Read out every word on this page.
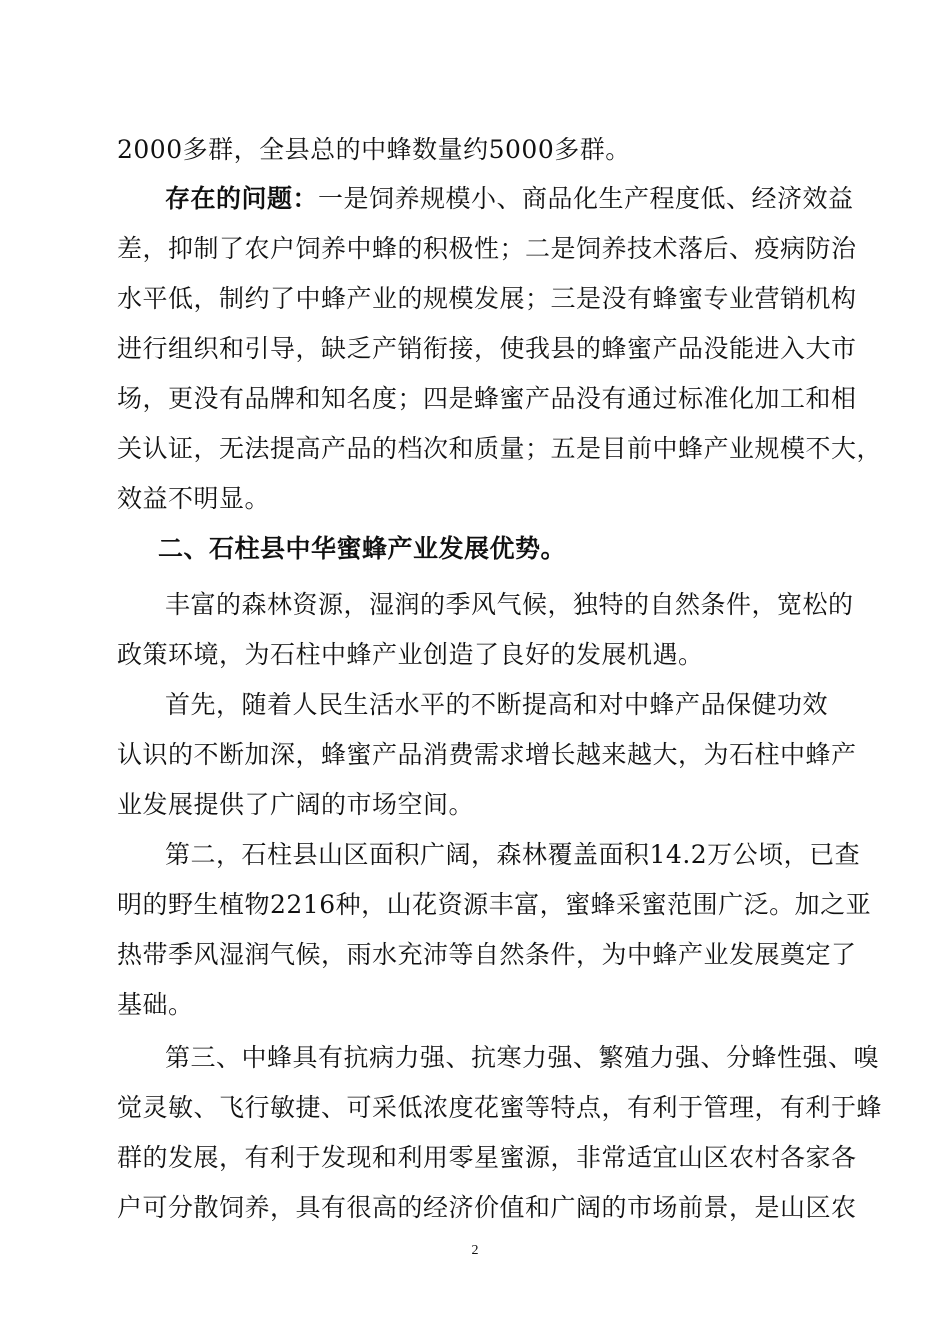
2000多群，全县总的中蜂数量约5000多群。
存在的问题：一是饲养规模小、商品化生产程度低、经济效益
差，抑制了农户饲养中蜂的积极性；二是饲养技术落后、疫病防治
水平低，制约了中蜂产业的规模发展；三是没有蜂蜜专业营销机构
进行组织和引导，缺乏产销衔接，使我县的蜂蜜产品没能进入大市
场，更没有品牌和知名度；四是蜂蜜产品没有通过标准化加工和相
关认证，无法提高产品的档次和质量；五是目前中蜂产业规模不大，
效益不明显。
二、石柱县中华蜜蜂产业发展优势。
丰富的森林资源，湿润的季风气候，独特的自然条件，宽松的
政策环境，为石柱中蜂产业创造了良好的发展机遇。
首先，随着人民生活水平的不断提高和对中蜂产品保健功效
认识的不断加深，蜂蜜产品消费需求增长越来越大，为石柱中蜂产
业发展提供了广阔的市场空间。
第二，石柱县山区面积广阔，森林覆盖面积14.2万公顷，已查
明的野生植物2216种，山花资源丰富，蜜蜂采蜜范围广泛。加之亚
热带季风湿润气候，雨水充沛等自然条件，为中蜂产业发展奠定了
基础。
第三、中蜂具有抗病力强、抗寒力强、繁殖力强、分蜂性强、嗅
觉灵敏、飞行敏捷、可采低浓度花蜜等特点，有利于管理，有利于蜂
群的发展，有利于发现和利用零星蜜源，非常适宜山区农村各家各
户可分散饲养，具有很高的经济价值和广阔的市场前景，是山区农
2
